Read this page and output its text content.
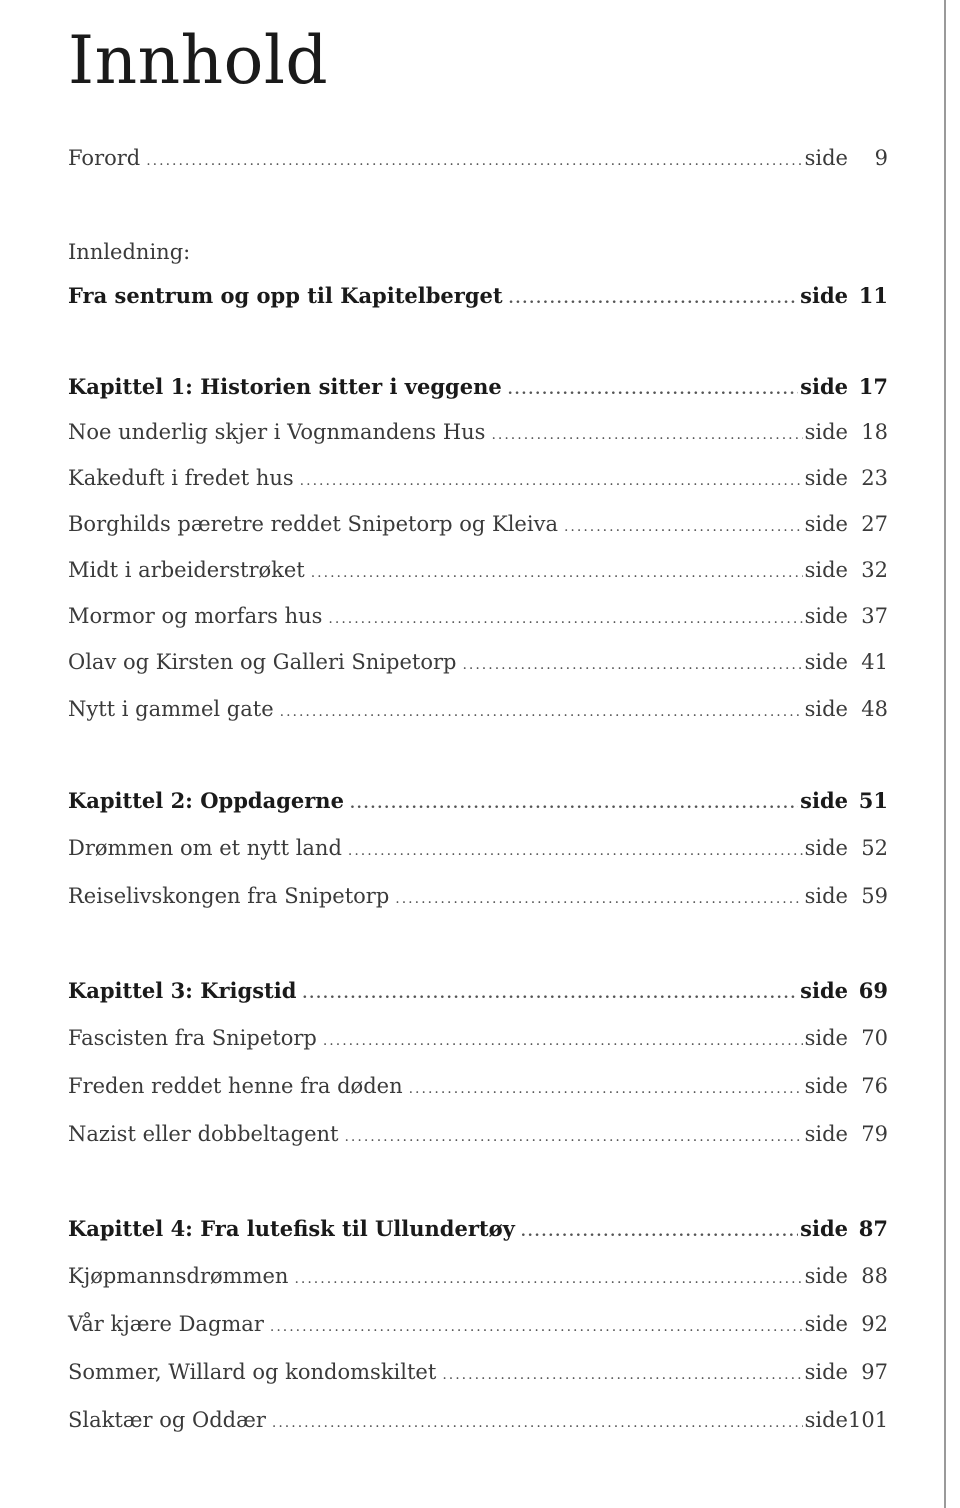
Innhold
Innledning:
Forord .....	side	9
Fra sentrum og opp til Kapitelberget .....	side 11
Kapittel 1: Historien sitter i veggene .....	side 17
Noe underlig skjer i Vognmandens Hus .....	side 18
Kakeduft i fredet hus .....	side 23
Borghilds pæretre reddet Snipetorp og Kleiva .....	side 27
Midt i arbeiderstrøket .....	side 32
Mormor og morfars hus .....	side 37
Olav og Kirsten og Galleri Snipetorp .....	side 41
Nytt i gammel gate .....	side 48
Kapittel 2: Oppdagerne .....	side 51
Drømmen om et nytt land .....	side 52
Reiselivskongen fra Snipetorp .....	side 59
Kapittel 3: Krigstid .....	side 69
Fascisten fra Snipetorp .....	side 70
Freden reddet henne fra døden .....	side 76
Nazist eller dobbeltagent .....	side 79
Kapittel 4: Fra lutefisk til Ullundertøy .....	side 87
Kjøpmannsdrømmen .....	side 88
Vår kjære Dagmar .....	side 92
Sommer, Willard og kondomskiltet .....	side 97
Slaktær og Oddær .....	side 101
